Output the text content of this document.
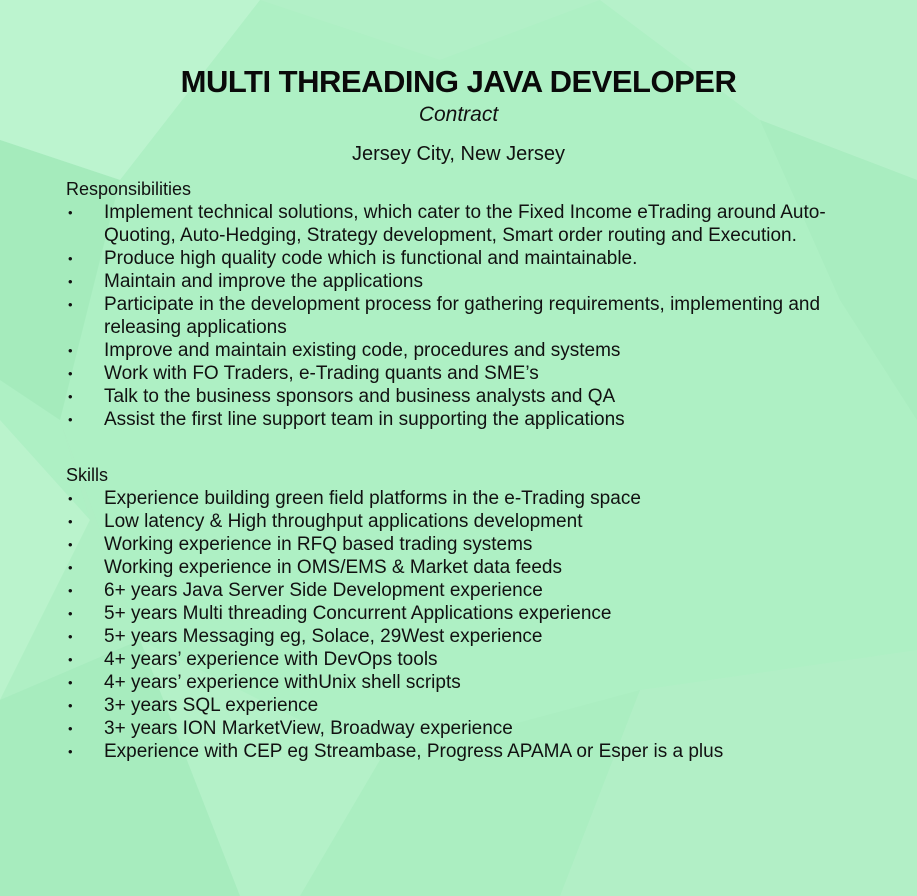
MULTI THREADING JAVA DEVELOPER
Contract
Jersey City, New Jersey

Responsibilities

• Implement technical solutions, which cater to the Fixed Income eTrading around Auto-Quoting, Auto-Hedging, Strategy development, Smart order routing and Execution.
• Produce high quality code which is functional and maintainable.
• Maintain and improve the applications
• Participate in the development process for gathering requirements, implementing and releasing applications
• Improve and maintain existing code, procedures and systems
• Work with FO Traders, e-Trading quants and SME’s
• Talk to the business sponsors and business analysts and QA
• Assist the first line support team in supporting the applications

Skills

• Experience building green field platforms in the e-Trading space
• Low latency & High throughput applications development
• Working experience in RFQ based trading systems
• Working experience in OMS/EMS & Market data feeds
• 6+ years Java Server Side Development experience
• 5+ years Multi threading Concurrent Applications experience
• 5+ years Messaging eg, Solace, 29West experience
• 4+ years’ experience with DevOps tools
• 4+ years’ experience withUnix shell scripts
• 3+ years SQL experience
• 3+ years ION MarketView, Broadway experience
• Experience with CEP eg Streambase, Progress APAMA or Esper is a plus
